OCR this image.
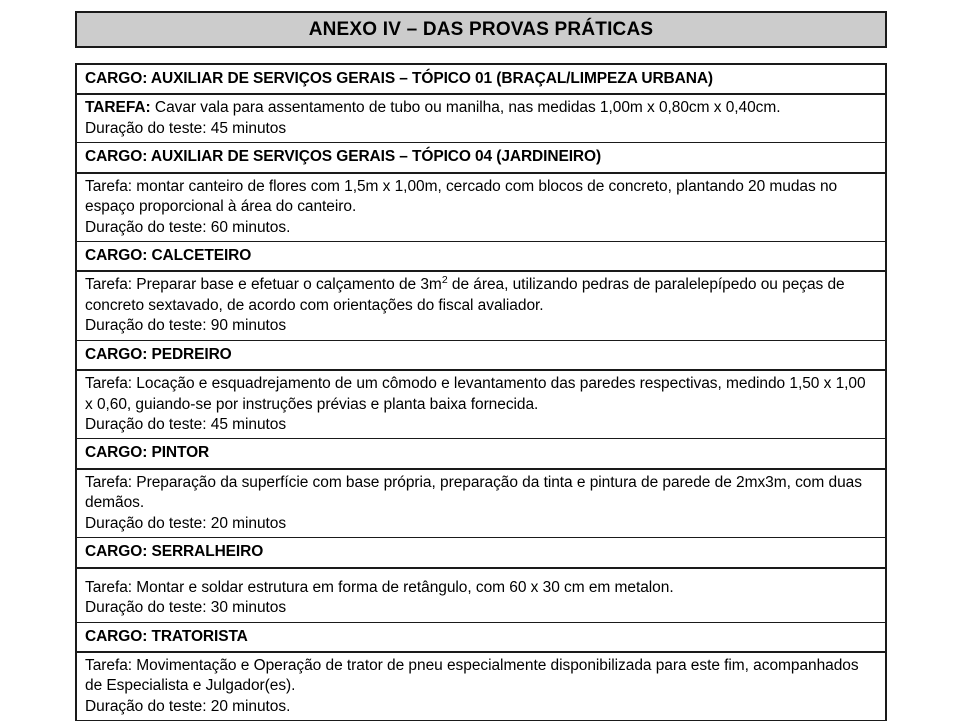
ANEXO IV – DAS PROVAS PRÁTICAS
CARGO: AUXILIAR DE SERVIÇOS GERAIS – TÓPICO 01 (BRAÇAL/LIMPEZA URBANA)
TAREFA: Cavar vala para assentamento de tubo ou manilha, nas medidas 1,00m x 0,80cm x 0,40cm.
Duração do teste: 45 minutos
CARGO: AUXILIAR DE SERVIÇOS GERAIS – TÓPICO 04 (JARDINEIRO)
Tarefa: montar canteiro de flores com 1,5m x 1,00m, cercado com blocos de concreto, plantando 20 mudas no espaço proporcional à área do canteiro.
Duração do teste: 60 minutos.
CARGO: CALCETEIRO
Tarefa: Preparar base e efetuar o calçamento de $3m^2$ de área, utilizando pedras de paralelepípedo ou peças de concreto sextavado, de acordo com orientações do fiscal avaliador.
Duração do teste: 90 minutos
CARGO: PEDREIRO
Tarefa: Locação e esquadrejamento de um cômodo e levantamento das paredes respectivas, medindo 1,50 x 1,00 x 0,60, guiando-se por instruções prévias e planta baixa fornecida.
Duração do teste: 45 minutos
CARGO: PINTOR
Tarefa: Preparação da superfície com base própria, preparação da tinta e pintura de parede de 2mx3m, com duas demãos.
Duração do teste: 20 minutos
CARGO: SERRALHEIRO
Tarefa: Montar e soldar estrutura em forma de retângulo, com 60 x 30 cm em metalon.
Duração do teste: 30 minutos
CARGO: TRATORISTA
Tarefa: Movimentação e Operação de trator de pneu especialmente disponibilizada para este fim, acompanhados de Especialista e Julgador(es).
Duração do teste: 20 minutos.
